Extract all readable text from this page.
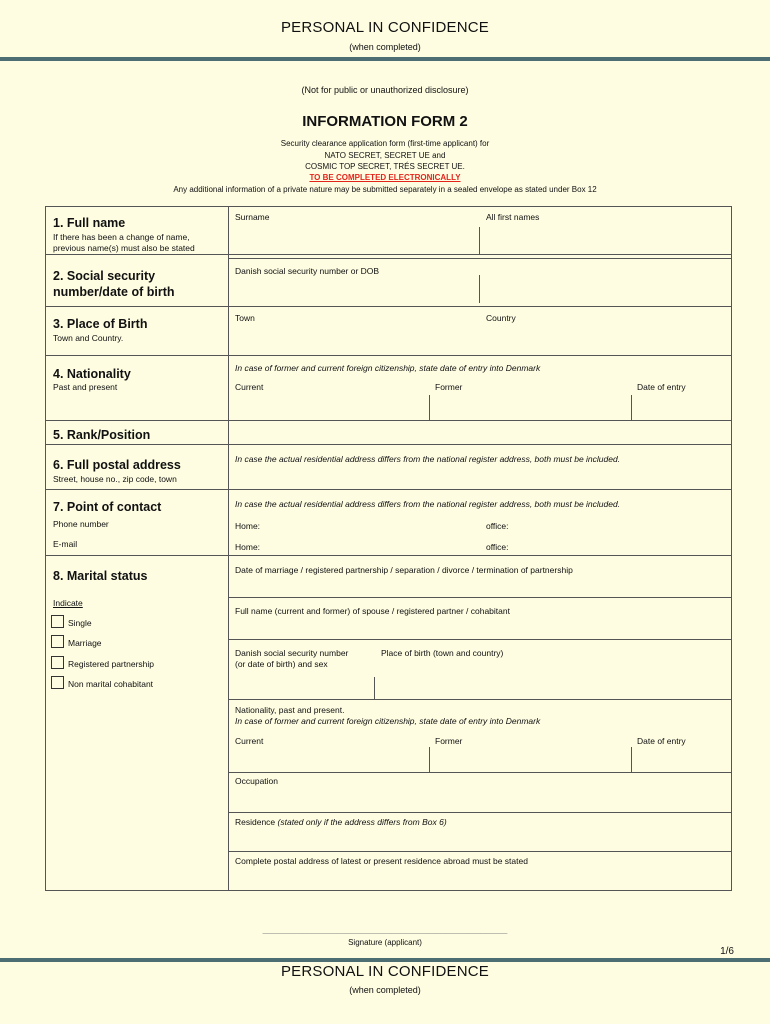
PERSONAL IN CONFIDENCE
(when completed)
(Not for public or unauthorized disclosure)
INFORMATION FORM 2
Security clearance application form (first-time applicant) for
NATO SECRET, SECRET UE and
COSMIC TOP SECRET, TRÉS SECRET UE.
TO BE COMPLETED ELECTRONICALLY
Any additional information of a private nature may be submitted separately in a sealed envelope as stated under Box 12
1. Full name
If there has been a change of name,
previous name(s) must also be stated
Surname	All first names
2. Social security
number/date of birth
Danish social security number or DOB
3. Place of Birth
Town and Country.
Town	Country
4. Nationality
Past and present
In case of former and current foreign citizenship, state date of entry into Denmark
Current	Former	Date of entry
5. Rank/Position
6. Full postal address
Street, house no., zip code, town
In case the actual residential address differs from the national register address, both must be included.
7. Point of contact
Phone number
E-mail
In case the actual residential address differs from the national register address, both must be included.
Home:	office:
Home:	office:
8. Marital status
Indicate
Single
Marriage
Registered partnership
Non marital cohabitant
Date of marriage / registered partnership / separation / divorce / termination of partnership
Full name (current and former) of spouse / registered partner / cohabitant
Danish social security number
(or date of birth) and sex
Place of birth (town and country)
Nationality, past and present.
In case of former and current foreign citizenship, state date of entry into Denmark
Current	Former	Date of entry
Occupation
Residence (stated only if the address differs from Box 6)
Complete postal address of latest or present residence abroad must be stated
_______________________________________________________
Signature (applicant)
1/6
PERSONAL IN CONFIDENCE
(when completed)
